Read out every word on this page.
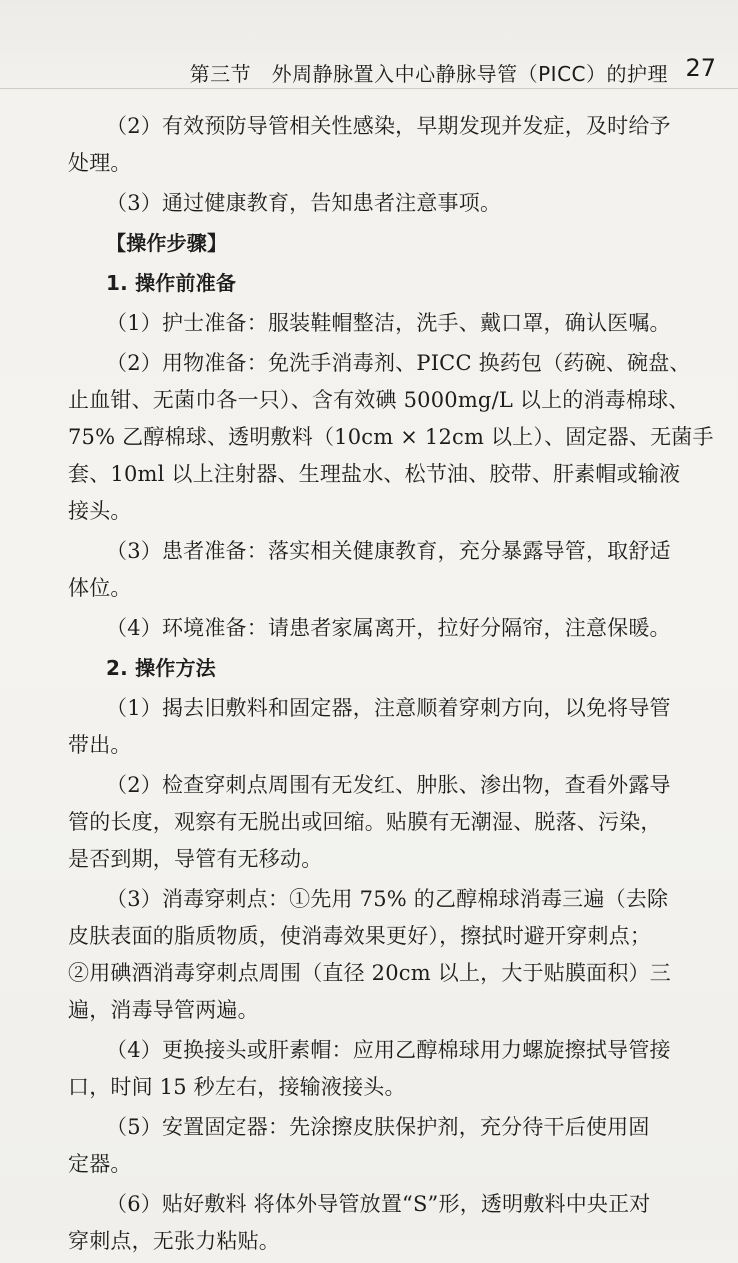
第三节　外周静脉置入中心静脉导管（PICC）的护理 27
（2）有效预防导管相关性感染，早期发现并发症，及时给予
处理。
（3）通过健康教育，告知患者注意事项。
【操作步骤】
1. 操作前准备
（1）护士准备：服装鞋帽整洁，洗手、戴口罩，确认医嘱。
（2）用物准备：免洗手消毒剂、PICC 换药包（药碗、碗盘、
止血钳、无菌巾各一只）、含有效碘 5000mg/L 以上的消毒棉球、
75% 乙醇棉球、透明敷料（10cm × 12cm 以上）、固定器、无菌手
套、10ml 以上注射器、生理盐水、松节油、胶带、肝素帽或输液
接头。
（3）患者准备：落实相关健康教育，充分暴露导管，取舒适
体位。
（4）环境准备：请患者家属离开，拉好分隔帘，注意保暖。
2. 操作方法
（1）揭去旧敷料和固定器，注意顺着穿刺方向，以免将导管
带出。
（2）检查穿刺点周围有无发红、肿胀、渗出物，查看外露导
管的长度，观察有无脱出或回缩。贴膜有无潮湿、脱落、污染，
是否到期，导管有无移动。
（3）消毒穿刺点：①先用 75% 的乙醇棉球消毒三遍（去除
皮肤表面的脂质物质，使消毒效果更好），擦拭时避开穿刺点；
②用碘酒消毒穿刺点周围（直径 20cm 以上，大于贴膜面积）三
遍，消毒导管两遍。
（4）更换接头或肝素帽：应用乙醇棉球用力螺旋擦拭导管接
口，时间 15 秒左右，接输液接头。
（5）安置固定器：先涂擦皮肤保护剂，充分待干后使用固
定器。
（6）贴好敷料 将体外导管放置“S”形，透明敷料中央正对
穿刺点，无张力粘贴。
